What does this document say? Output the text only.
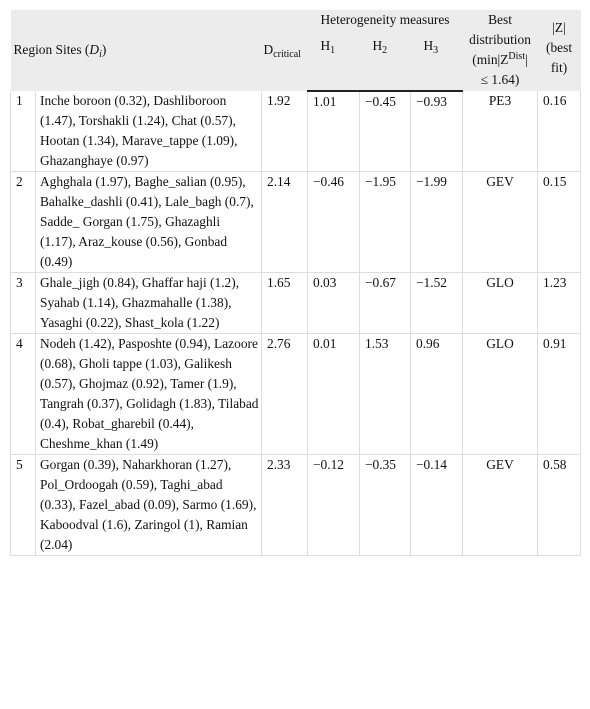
Region Sites $(D_i)$		$D_{critical}$	Heterogeneity measures			Best
distribution
($\min|Z^{Dist}|$
≤ 1.64)	|Z|
(best
fit)
			$H_1$	$H_2$	$H_3$
1	Inche boroon (0.32), Dashliboroon (1.47), Torshakli (1.24), Chat (0.57), Hootan (1.34), Marave_tappe (1.09), Ghazanghaye (0.97)	1.92	1.01	−0.45	−0.93	PE3	0.16
2	Aghghala (1.97), Baghe_salian (0.95), Bahalke_dashli (0.41), Lale_bagh (0.7), Sadde_ Gorgan (1.75), Ghazaghli (1.17), Araz_kouse (0.56), Gonbad (0.49)	2.14	−0.46	−1.95	−1.99	GEV	0.15
3	Ghale_jigh (0.84), Ghaffar haji (1.2), Syahab (1.14), Ghazmahalle (1.38), Yasaghi (0.22), Shast_kola (1.22)	1.65	0.03	−0.67	−1.52	GLO	1.23
4	Nodeh (1.42), Pasposhte (0.94), Lazoore (0.68), Gholi tappe (1.03), Galikesh (0.57), Ghojmaz (0.92), Tamer (1.9), Tangrah (0.37), Golidagh (1.83), Tilabad (0.4), Robat_gharebil (0.44), Cheshme_khan (1.49)	2.76	0.01	1.53	0.96	GLO	0.91
5	Gorgan (0.39), Naharkhoran (1.27), Pol_Ordoogah (0.59), Taghi_abad (0.33), Fazel_abad (0.09), Sarmo (1.69), Kaboodval (1.6), Zaringol (1), Ramian (2.04)	2.33	−0.12	−0.35	−0.14	GEV	0.58
